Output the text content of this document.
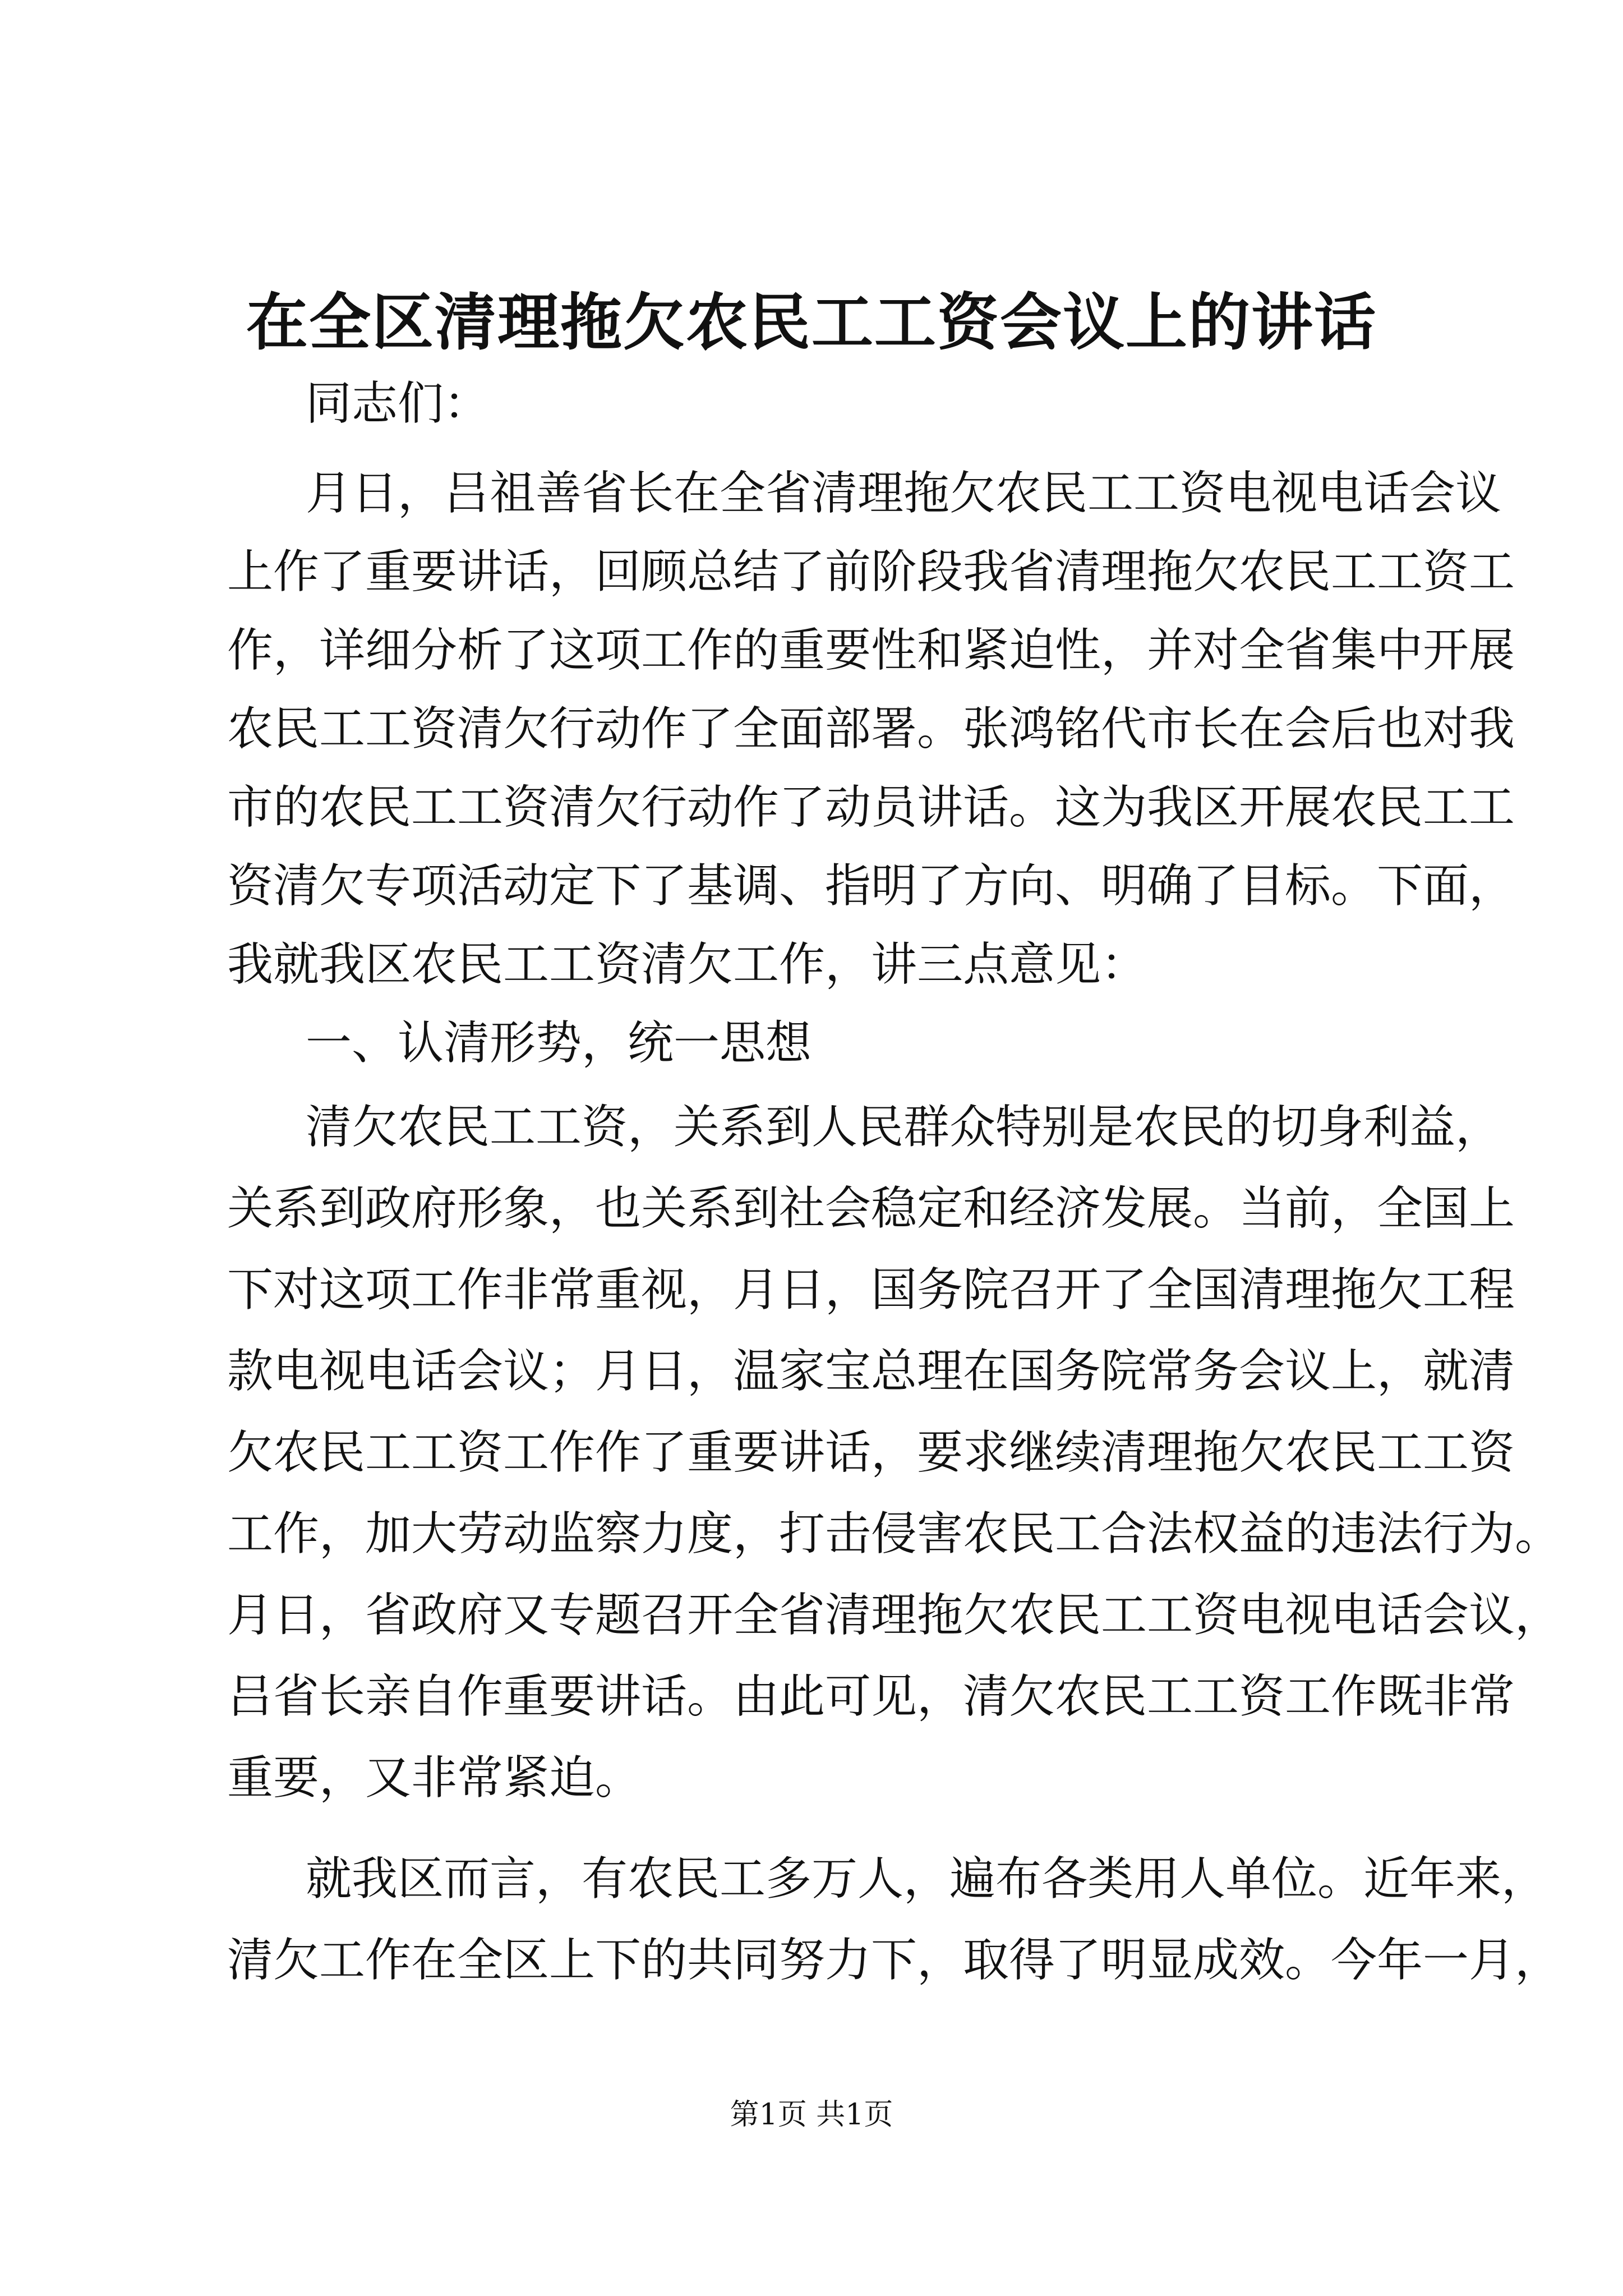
在全区清理拖欠农民工工资会议上的讲话
同志们：
月日，吕祖善省长在全省清理拖欠农民工工资电视电话会议
上作了重要讲话，回顾总结了前阶段我省清理拖欠农民工工资工
作，详细分析了这项工作的重要性和紧迫性，并对全省集中开展
农民工工资清欠行动作了全面部署。张鸿铭代市长在会后也对我
市的农民工工资清欠行动作了动员讲话。这为我区开展农民工工
资清欠专项活动定下了基调、指明了方向、明确了目标。下面，
我就我区农民工工资清欠工作，讲三点意见：
一、认清形势，统一思想
清欠农民工工资，关系到人民群众特别是农民的切身利益，
关系到政府形象，也关系到社会稳定和经济发展。当前，全国上
下对这项工作非常重视，月日，国务院召开了全国清理拖欠工程
款电视电话会议；月日，温家宝总理在国务院常务会议上，就清
欠农民工工资工作作了重要讲话，要求继续清理拖欠农民工工资
工作，加大劳动监察力度，打击侵害农民工合法权益的违法行为。
月日，省政府又专题召开全省清理拖欠农民工工资电视电话会议，
吕省长亲自作重要讲话。由此可见，清欠农民工工资工作既非常
重要，又非常紧迫。
就我区而言，有农民工多万人，遍布各类用人单位。近年来，
清欠工作在全区上下的共同努力下，取得了明显成效。今年一月，
第1页 共1页
